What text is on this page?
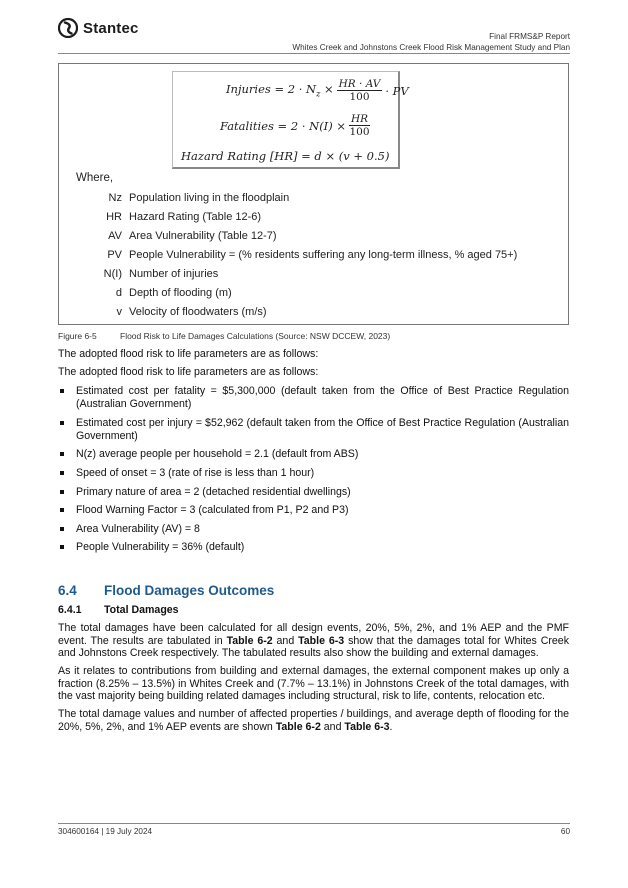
Stantec	Final FRMS&P Report
Whites Creek and Johnstons Creek Flood Risk Management Study and Plan
Injuries = $2 \cdot N_z \times \frac{HR \cdot AV}{100}$ · PV
Fatalities = $2 \cdot N(I) \times \frac{HR}{100}$
Hazard Rating [HR] = d × (v + 0.5)
Where,
Nz Population living in the floodplain
HR Hazard Rating (Table 12-6)
AV Area Vulnerability (Table 12-7)
PV People Vulnerability = (% residents suffering any long-term illness, % aged 75+)
N(I) Number of injuries
d Depth of flooding (m)
v Velocity of floodwaters (m/s)
Figure 6-5	Flood Risk to Life Damages Calculations (Source: NSW DCCEW, 2023)
The adopted flood risk to life parameters are as follows:
The adopted flood risk to life parameters are as follows:
Estimated cost per fatality = $5,300,000 (default taken from the Office of Best Practice Regulation (Australian Government)
Estimated cost per injury = $52,962 (default taken from the Office of Best Practice Regulation (Australian Government)
N(z) average people per household = 2.1 (default from ABS)
Speed of onset = 3 (rate of rise is less than 1 hour)
Primary nature of area = 2 (detached residential dwellings)
Flood Warning Factor = 3 (calculated from P1, P2 and P3)
Area Vulnerability (AV) = 8
People Vulnerability = 36% (default)
6.4 Flood Damages Outcomes
6.4.1 Total Damages
The total damages have been calculated for all design events, 20%, 5%, 2%, and 1% AEP and the PMF event. The results are tabulated in Table 6-2 and Table 6-3 show that the damages total for Whites Creek and Johnstons Creek respectively. The tabulated results also show the building and external damages.
As it relates to contributions from building and external damages, the external component makes up only a fraction (8.25% – 13.5%) in Whites Creek and (7.7% – 13.1%) in Johnstons Creek of the total damages, with the vast majority being building related damages including structural, risk to life, contents, relocation etc.
The total damage values and number of affected properties / buildings, and average depth of flooding for the 20%, 5%, 2%, and 1% AEP events are shown Table 6-2 and Table 6-3.
304600164 | 19 July 2024	60
